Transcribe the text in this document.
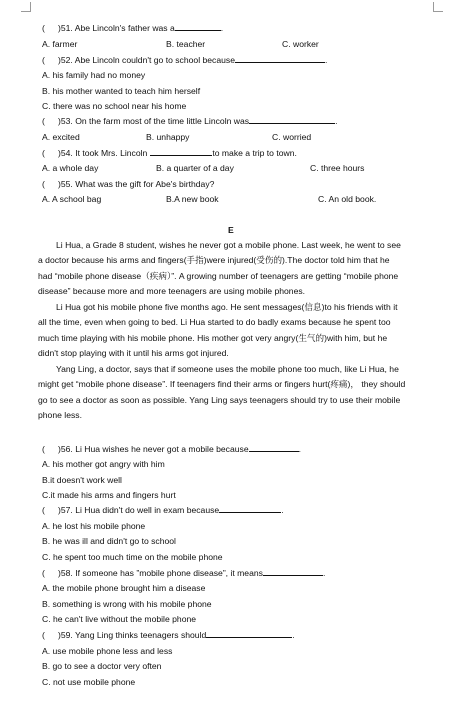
( )51. Abe Lincoln's father was a	.
A. farmer	B. teacher	C. worker
( )52. Abe Lincoln couldn't go to school because	.
A. his family had no money
B. his mother wanted to teach him herself
C. there was no school near his home
( )53. On the farm most of the time little Lincoln was	.
A. excited	B. unhappy	C. worried
( )54. It took Mrs. Lincoln	to make a trip to town.
A. a whole day	B. a quarter of a day	C. three hours
( )55. What was the gift for Abe's birthday?
A. A school bag	B.A new book	C. An old book.
E
Li Hua, a Grade 8 student, wishes he never got a mobile phone. Last week, he went to see
a doctor because his arms and fingers(手指)were injured(受伤的).The doctor told him that he
had “mobile phone disease（疾病）”. A growing number of teenagers are getting “mobile phone
disease” because more and more teenagers are using mobile phones.
Li Hua got his mobile phone five months ago. He sent messages(信息)to his friends with it
all the time, even when going to bed. Li Hua started to do badly exams because he spent too
much time playing with his mobile phone. His mother got very angry(生气的)with him, but he
didn't stop playing with it until his arms got injured.
Yang Ling, a doctor, says that if someone uses the mobile phone too much, like Li Hua, he
might get “mobile phone disease”. If teenagers find their arms or fingers hurt(疼痛)， they should
go to see a doctor as soon as possible. Yang Ling says teenagers should try to use their mobile
phone less.
( )56. Li Hua wishes he never got a mobile because	.
A. his mother got angry with him
B.it doesn't work well
C.it made his arms and fingers hurt
( )57. Li Hua didn't do well in exam because	.
A. he lost his mobile phone
B. he was ill and didn't go to school
C. he spent too much time on the mobile phone
( )58. If someone has ”mobile phone disease”, it means	.
A. the mobile phone brought him a disease
B. something is wrong with his mobile phone
C. he can't live without the mobile phone
( )59. Yang Ling thinks teenagers should	.
A. use mobile phone less and less
B. go to see a doctor very often
C. not use mobile phone
